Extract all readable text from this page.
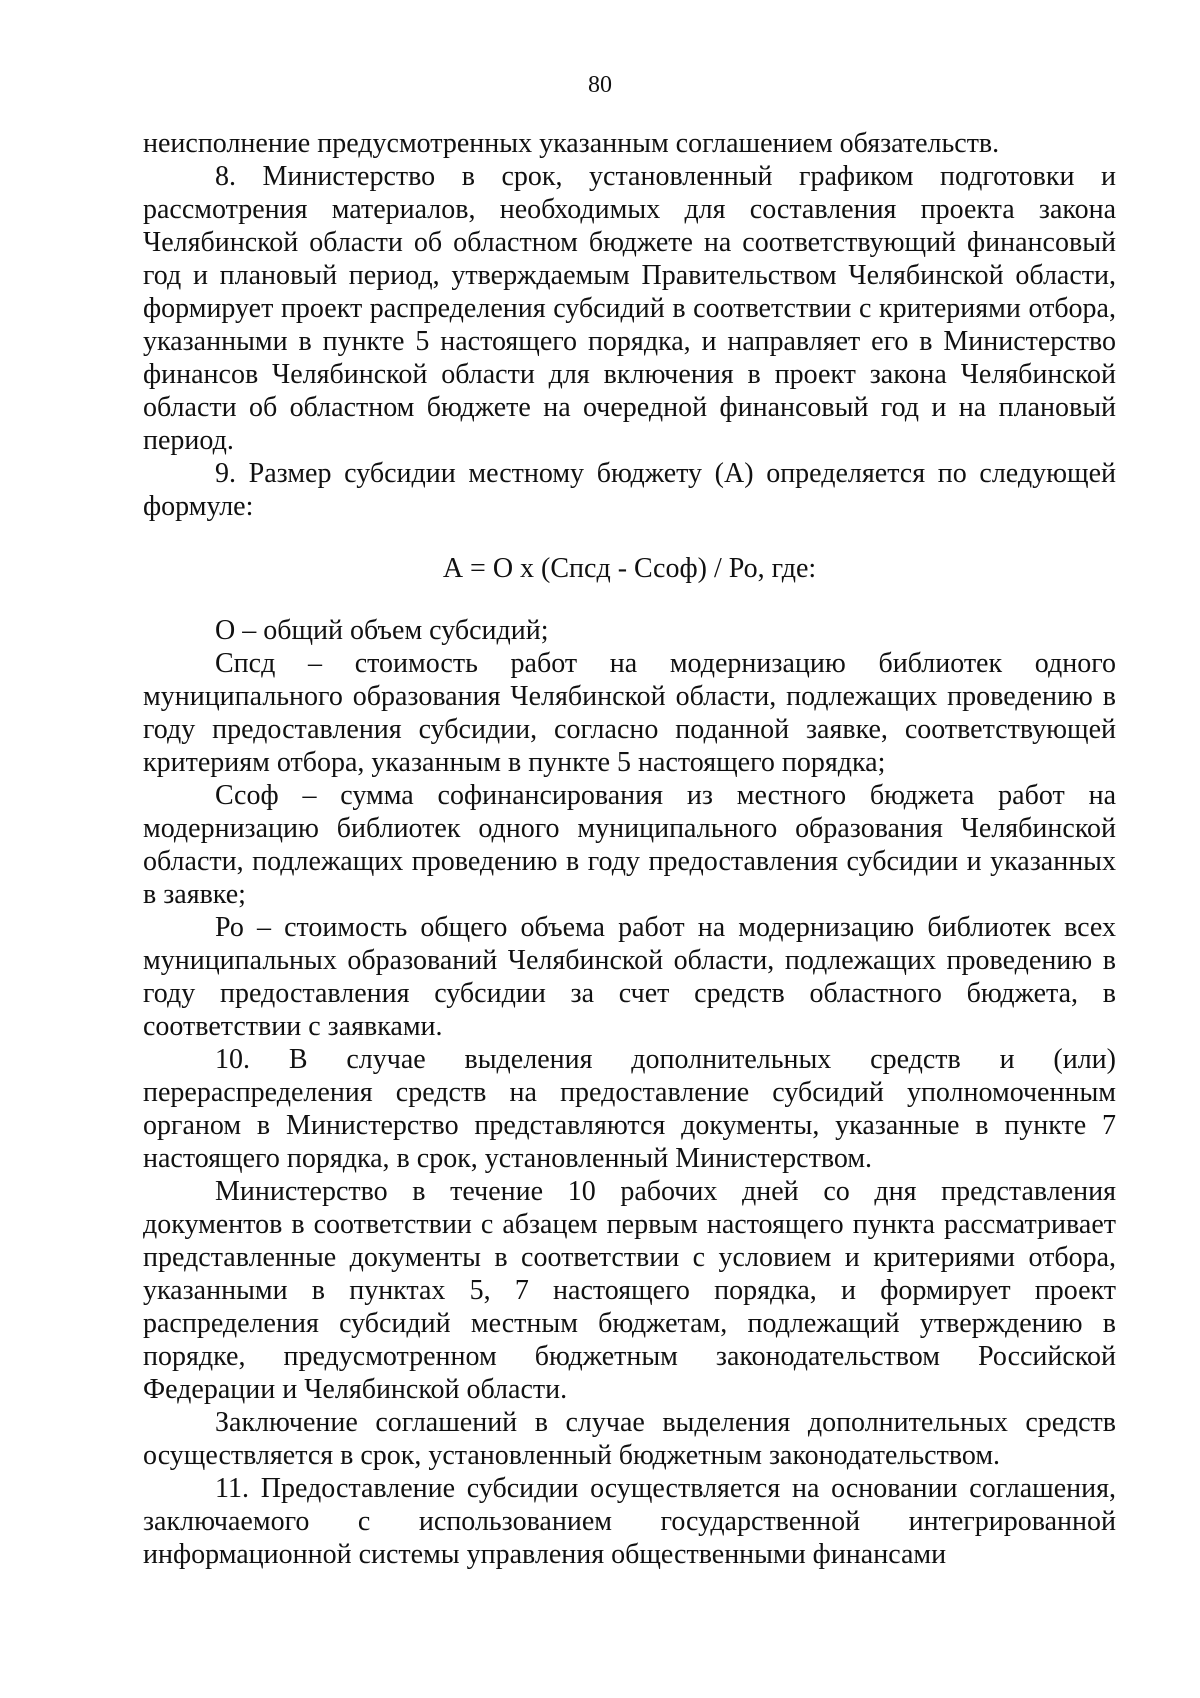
80

неисполнение предусмотренных указанным соглашением обязательств.

8. Министерство в срок, установленный графиком подготовки и рассмотрения материалов, необходимых для составления проекта закона Челябинской области об областном бюджете на соответствующий финансовый год и плановый период, утверждаемым Правительством Челябинской области, формирует проект распределения субсидий в соответствии с критериями отбора, указанными в пункте 5 настоящего порядка, и направляет его в Министерство финансов Челябинской области для включения в проект закона Челябинской области об областном бюджете на очередной финансовый год и на плановый период.

9. Размер субсидии местному бюджету (А) определяется по следующей формуле:

А = О х (Спсд - Ссоф) / Ро, где:

О – общий объем субсидий;

Спсд – стоимость работ на модернизацию библиотек одного муниципального образования Челябинской области, подлежащих проведению в году предоставления субсидии, согласно поданной заявке, соответствующей критериям отбора, указанным в пункте 5 настоящего порядка;

Ссоф – сумма софинансирования из местного бюджета работ на модернизацию библиотек одного муниципального образования Челябинской области, подлежащих проведению в году предоставления субсидии и указанных в заявке;

Ро – стоимость общего объема работ на модернизацию библиотек всех муниципальных образований Челябинской области, подлежащих проведению в году предоставления субсидии за счет средств областного бюджета, в соответствии с заявками.

10. В случае выделения дополнительных средств и (или) перераспределения средств на предоставление субсидий уполномоченным органом в Министерство представляются документы, указанные в пункте 7 настоящего порядка, в срок, установленный Министерством.

Министерство в течение 10 рабочих дней со дня представления документов в соответствии с абзацем первым настоящего пункта рассматривает представленные документы в соответствии с условием и критериями отбора, указанными в пунктах 5, 7 настоящего порядка, и формирует проект распределения субсидий местным бюджетам, подлежащий утверждению в порядке, предусмотренном бюджетным законодательством Российской Федерации и Челябинской области.

Заключение соглашений в случае выделения дополнительных средств осуществляется в срок, установленный бюджетным законодательством.

11. Предоставление субсидии осуществляется на основании соглашения, заключаемого с использованием государственной интегрированной информационной системы управления общественными финансами
